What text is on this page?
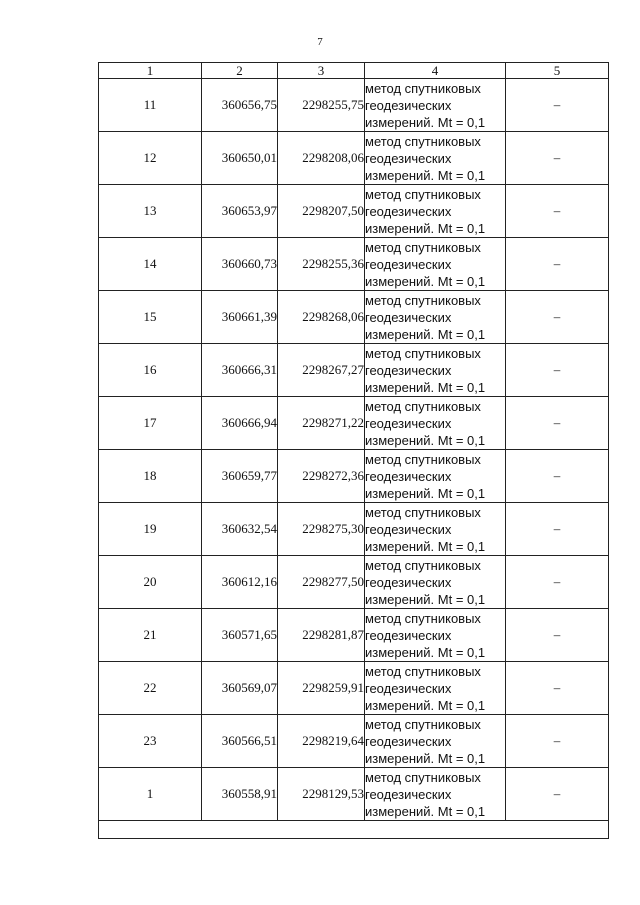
7
1	2	3	4	5
11	360656,75	2298255,75	метод спутниковых
геодезических
измерений. Mt = 0,1	–
12	360650,01	2298208,06	метод спутниковых
геодезических
измерений. Mt = 0,1	–
13	360653,97	2298207,50	метод спутниковых
геодезических
измерений. Mt = 0,1	–
14	360660,73	2298255,36	метод спутниковых
геодезических
измерений. Mt = 0,1	–
15	360661,39	2298268,06	метод спутниковых
геодезических
измерений. Mt = 0,1	–
16	360666,31	2298267,27	метод спутниковых
геодезических
измерений. Mt = 0,1	–
17	360666,94	2298271,22	метод спутниковых
геодезических
измерений. Mt = 0,1	–
18	360659,77	2298272,36	метод спутниковых
геодезических
измерений. Mt = 0,1	–
19	360632,54	2298275,30	метод спутниковых
геодезических
измерений. Mt = 0,1	–
20	360612,16	2298277,50	метод спутниковых
геодезических
измерений. Mt = 0,1	–
21	360571,65	2298281,87	метод спутниковых
геодезических
измерений. Mt = 0,1	–
22	360569,07	2298259,91	метод спутниковых
геодезических
измерений. Mt = 0,1	–
23	360566,51	2298219,64	метод спутниковых
геодезических
измерений. Mt = 0,1	–
1	360558,91	2298129,53	метод спутниковых
геодезических
измерений. Mt = 0,1	–
